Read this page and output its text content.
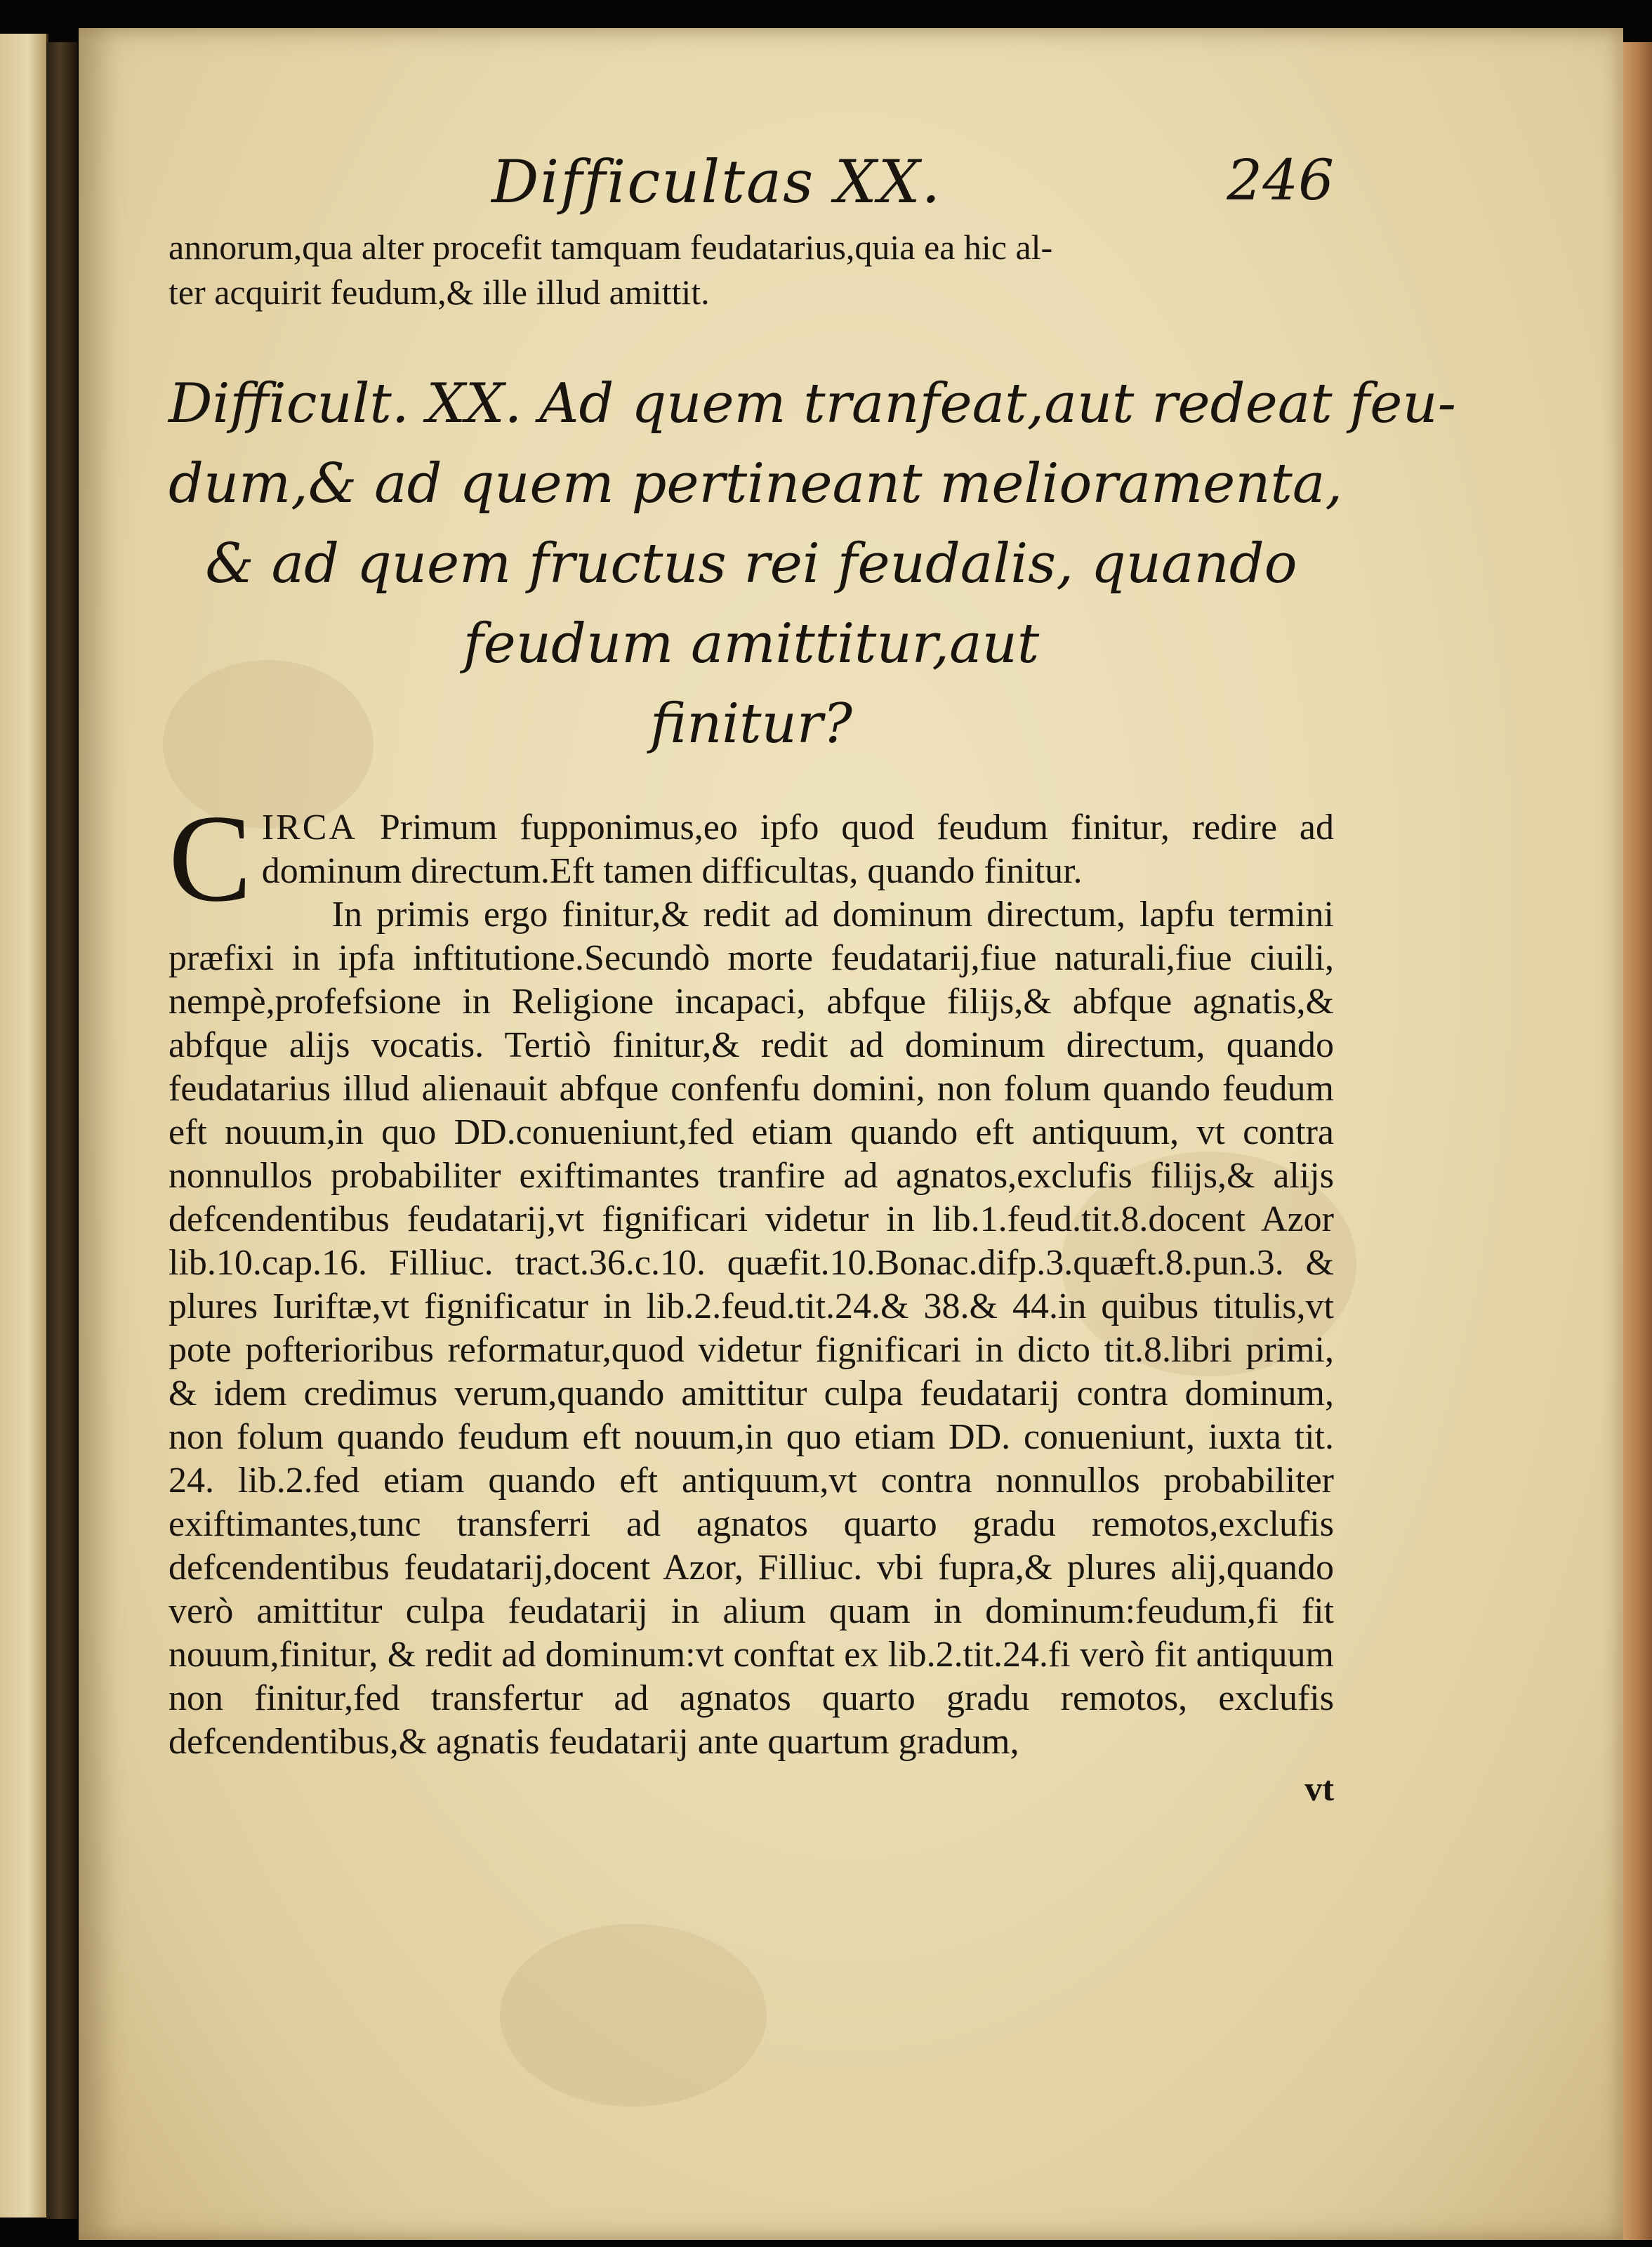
Difficultas XX.	246

annorum,qua alter procefit tamquam feudatarius,quia ea hic al-

ter acquirit feudum,& ille illud amittit.

Difficult. XX. Ad quem tranfeat,aut redeat feu-
dum,& ad quem pertineant melioramenta,
& ad quem fructus rei feudalis, quando
feudum amittitur,aut
finitur?

CIRCA Primum fupponimus,eo ipfo quod feudum finitur, redire ad dominum directum.Eft tamen difficultas, quando finitur.

In primis ergo finitur,& redit ad dominum directum, lapfu termini præfixi in ipfa inftitutione.Secundò morte feudatarij,fiue naturali,fiue ciuili, nempè,profefsione in Religione incapaci, abfque filijs,& abfque agnatis,& abfque alijs vocatis. Tertiò finitur,& redit ad dominum directum, quando feudatarius illud alienauit abfque confenfu domini, non folum quando feudum eft nouum,in quo DD.conueniunt,fed etiam quando eft antiquum, vt contra nonnullos probabiliter exiftimantes tranfire ad agnatos,exclufis filijs,& alijs defcendentibus feudatarij,vt fignificari videtur in lib.1.feud.tit.8.docent Azor lib.10.cap.16. Filliuc. tract.36.c.10. quæfit.10.Bonac.difp.3.quæft.8.pun.3. & plures Iuriftæ,vt fignificatur in lib.2.feud.tit.24.& 38.& 44.in quibus titulis,vt pote pofterioribus reformatur,quod videtur fignificari in dicto tit.8.libri primi, & idem credimus verum,quando amittitur culpa feudatarij contra dominum, non folum quando feudum eft nouum,in quo etiam DD. conueniunt, iuxta tit. 24. lib.2.fed etiam quando eft antiquum,vt contra nonnullos probabiliter exiftimantes,tunc transferri ad agnatos quarto gradu remotos,exclufis defcendentibus feudatarij,docent Azor, Filliuc. vbi fupra,& plures alij,quando verò amittitur culpa feudatarij in alium quam in dominum:feudum,fi fit nouum,finitur, & redit ad dominum:vt conftat ex lib.2.tit.24.fi verò fit antiquum non finitur,fed transfertur ad agnatos quarto gradu remotos, exclufis defcendentibus,& agnatis feudatarij ante quartum gradum,

vt
